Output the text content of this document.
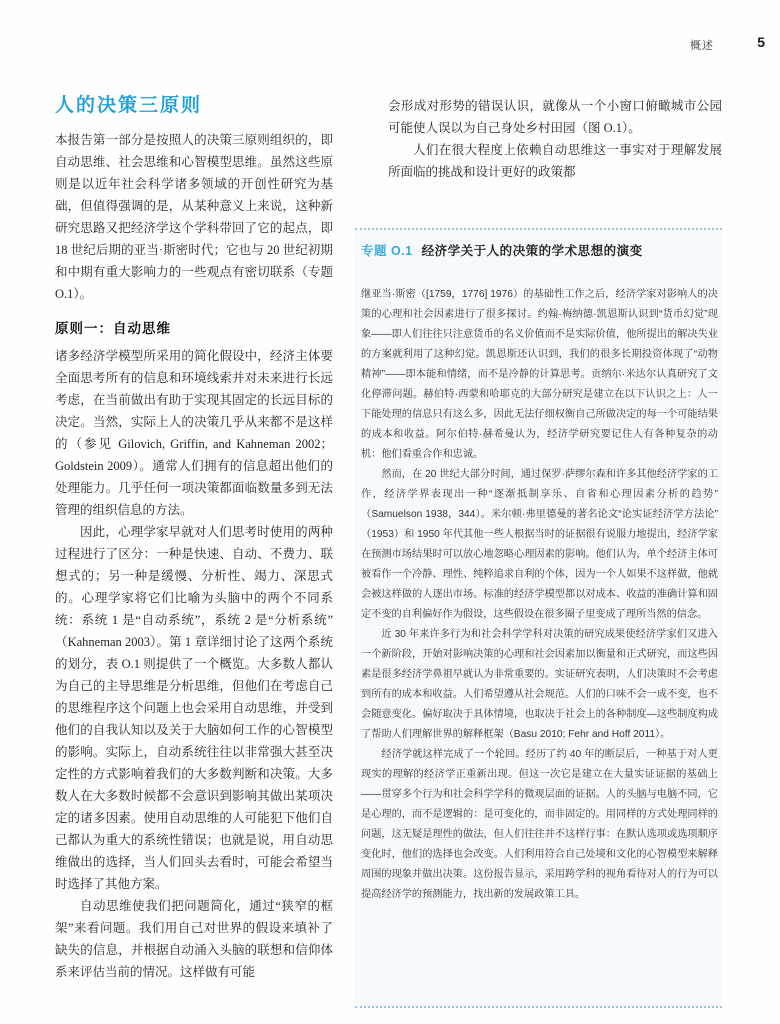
概述	5
人的决策三原则

本报告第一部分是按照人的决策三原则组织的，即自动思维、社会思维和心智模型思维。虽然这些原则是以近年社会科学诸多领域的开创性研究为基础，但值得强调的是，从某种意义上来说，这种新研究思路又把经济学这个学科带回了它的起点，即 18 世纪后期的亚当·斯密时代；它也与 20 世纪初期和中期有重大影响力的一些观点有密切联系（专题 O.1）。

原则一：自动思维

诸多经济学模型所采用的简化假设中，经济主体要全面思考所有的信息和环境线索并对未来进行长远考虑，在当前做出有助于实现其固定的长远目标的决定。当然，实际上人的决策几乎从来都不是这样的（参见 Gilovich, Griffin, and Kahneman 2002；Goldstein 2009）。通常人们拥有的信息超出他们的处理能力。几乎任何一项决策都面临数量多到无法管理的组织信息的方法。

因此，心理学家早就对人们思考时使用的两种过程进行了区分：一种是快速、自动、不费力、联想式的；另一种是缓慢、分析性、竭力、深思式的。心理学家将它们比喻为头脑中的两个不同系统：系统 1 是“自动系统”，系统 2 是“分析系统”（Kahneman 2003）。第 1 章详细讨论了这两个系统的划分，表 O.1 则提供了一个概览。大多数人都认为自己的主导思维是分析思维，但他们在考虑自己的思维程序这个问题上也会采用自动思维，并受到他们的自我认知以及关于大脑如何工作的心智模型的影响。实际上，自动系统往往以非常强大甚至决定性的方式影响着我们的大多数判断和决策。大多数人在大多数时候都不会意识到影响其做出某项决定的诸多因素。使用自动思维的人可能犯下他们自己都认为重大的系统性错误；也就是说，用自动思维做出的选择，当人们回头去看时，可能会希望当时选择了其他方案。

自动思维使我们把问题简化，通过“狭窄的框架”来看问题。我们用自己对世界的假设来填补了缺失的信息，并根据自动涌入头脑的联想和信仰体系来评估当前的情况。这样做有可能

会形成对形势的错误认识，就像从一个小窗口俯瞰城市公园可能使人误以为自己身处乡村田园（图 O.1）。

人们在很大程度上依赖自动思维这一事实对于理解发展所面临的挑战和设计更好的政策都

专题 O.1 经济学关于人的决策的学术思想的演变

继亚当·斯密（[1759，1776] 1976）的基础性工作之后，经济学家对影响人的决策的心理和社会因素进行了很多探讨。约翰·梅纳德·凯恩斯认识到“货币幻觉”现象——即人们往往只注意货币的名义价值而不是实际价值，他所提出的解决失业的方案就利用了这种幻觉。凯恩斯还认识到，我们的很多长期投资体现了“动物精神”——即本能和情绪，而不是冷静的计算思考。贡纳尔·米达尔认真研究了文化停滞问题。赫伯特·西蒙和哈耶克的大部分研究是建立在以下认识之上：人一下能处理的信息只有这么多，因此无法仔细权衡自己所做决定的每一个可能结果的成本和收益。阿尔伯特·赫希曼认为，经济学研究要记住人有各种复杂的动机：他们看重合作和忠诚。

然而，在 20 世纪大部分时间，通过保罗·萨缪尔森和许多其他经济学家的工作，经济学界表现出一种“逐渐抵制享乐、自省和心理因素分析的趋势”（Samuelson 1938，344）。米尔顿·弗里德曼的著名论文“论实证经济学方法论”（1953）和 1950 年代其他一些人根据当时的证据很有说服力地提出，经济学家在预测市场结果时可以放心地忽略心理因素的影响。他们认为，单个经济主体可被看作一个冷静、理性、纯粹追求自利的个体，因为一个人如果不这样做，他就会被这样做的人逐出市场。标准的经济学模型都以对成本、收益的准确计算和固定不变的自利偏好作为假设，这些假设在很多圈子里变成了理所当然的信念。

近 30 年来许多行为和社会科学学科对决策的研究成果使经济学家们又进入一个新阶段，开始对影响决策的心理和社会因素加以衡量和正式研究，而这些因素是很多经济学鼻祖早就认为非常重要的。实证研究表明，人们决策时不会考虑到所有的成本和收益。人们希望遵从社会规范。人们的口味不会一成不变，也不会随意变化。偏好取决于具体情境，也取决于社会上的各种制度—这些制度构成了帮助人们理解世界的解释框架（Basu 2010; Fehr and Hoff 2011）。

经济学就这样完成了一个轮回。经历了约 40 年的断层后，一种基于对人更现实的理解的经济学正重新出现。但这一次它是建立在大量实证证据的基础上——贯穿多个行为和社会科学学科的微观层面的证据。人的头脑与电脑不同，它是心理的，而不是逻辑的：是可变化的，而非固定的。用同样的方式处理同样的问题，这无疑是理性的做法，但人们往往并不这样行事：在默认选项或选项顺序变化时，他们的选择也会改变。人们利用符合自己处境和文化的心智模型来解释周围的现象并做出决策。这份报告显示，采用跨学科的视角看待对人的行为可以提高经济学的预测能力，找出新的发展政策工具。
